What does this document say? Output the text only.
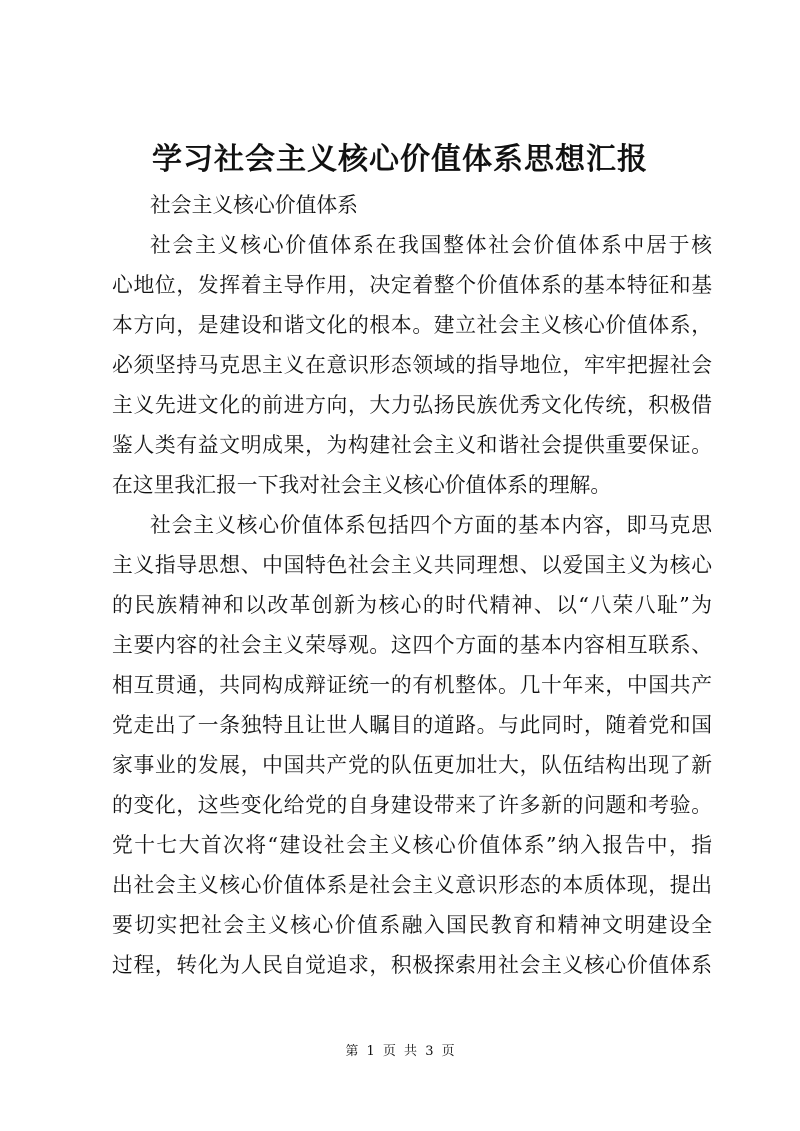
学习社会主义核心价值体系思想汇报

社会主义核心价值体系

社会主义核心价值体系在我国整体社会价值体系中居于核

心地位，发挥着主导作用，决定着整个价值体系的基本特征和基

本方向，是建设和谐文化的根本。建立社会主义核心价值体系，

必须坚持马克思主义在意识形态领域的指导地位，牢牢把握社会

主义先进文化的前进方向，大力弘扬民族优秀文化传统，积极借

鉴人类有益文明成果，为构建社会主义和谐社会提供重要保证。

在这里我汇报一下我对社会主义核心价值体系的理解。

社会主义核心价值体系包括四个方面的基本内容，即马克思

主义指导思想、中国特色社会主义共同理想、以爱国主义为核心

的民族精神和以改革创新为核心的时代精神、以“八荣八耻”为

主要内容的社会主义荣辱观。这四个方面的基本内容相互联系、

相互贯通，共同构成辩证统一的有机整体。几十年来，中国共产

党走出了一条独特且让世人瞩目的道路。与此同时，随着党和国

家事业的发展，中国共产党的队伍更加壮大，队伍结构出现了新

的变化，这些变化给党的自身建设带来了许多新的问题和考验。

党十七大首次将“建设社会主义核心价值体系”纳入报告中，指

出社会主义核心价值体系是社会主义意识形态的本质体现，提出

要切实把社会主义核心价值系融入国民教育和精神文明建设全

过程，转化为人民自觉追求，积极探索用社会主义核心价值体系

第 1 页 共 3 页
